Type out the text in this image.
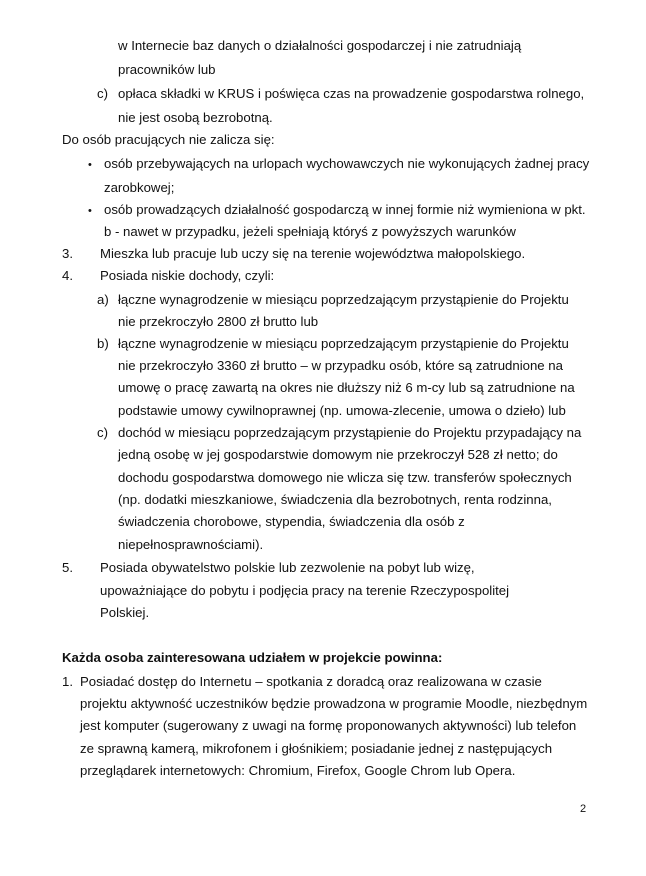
w Internecie baz danych o działalności gospodarczej i nie zatrudniają
pracowników lub
c) opłaca składki w KRUS i poświęca czas na prowadzenie gospodarstwa rolnego,
nie jest osobą bezrobotną.
Do osób pracujących nie zalicza się:
• osób przebywających na urlopach wychowawczych nie wykonujących żadnej pracy
zarobkowej;
• osób prowadzących działalność gospodarczą w innej formie niż wymieniona w pkt.
b - nawet w przypadku, jeżeli spełniają któryś z powyższych warunków
3. Mieszka lub pracuje lub uczy się na terenie województwa małopolskiego.
4. Posiada niskie dochody, czyli:
a) łączne wynagrodzenie w miesiącu poprzedzającym przystąpienie do Projektu
nie przekroczyło 2800 zł brutto lub
b) łączne wynagrodzenie w miesiącu poprzedzającym przystąpienie do Projektu
nie przekroczyło 3360 zł brutto – w przypadku osób, które są zatrudnione na
umowę o pracę zawartą na okres nie dłuższy niż 6 m-cy lub są zatrudnione na
podstawie umowy cywilnoprawnej (np. umowa-zlecenie, umowa o dzieło) lub
c) dochód w miesiącu poprzedzającym przystąpienie do Projektu przypadający na
jedną osobę w jej gospodarstwie domowym nie przekroczył 528 zł netto; do
dochodu gospodarstwa domowego nie wlicza się tzw. transferów społecznych
(np. dodatki mieszkaniowe, świadczenia dla bezrobotnych, renta rodzinna,
świadczenia chorobowe, stypendia, świadczenia dla osób z
niepełnosprawnościami).
5. Posiada obywatelstwo polskie lub zezwolenie na pobyt lub wizę,
upoważniające do pobytu i podjęcia pracy na terenie Rzeczypospolitej
Polskiej.
Każda osoba zainteresowana udziałem w projekcie powinna:
1. Posiadać dostęp do Internetu – spotkania z doradcą oraz realizowana w czasie
projektu aktywność uczestników będzie prowadzona w programie Moodle, niezbędnym
jest komputer (sugerowany z uwagi na formę proponowanych aktywności) lub telefon
ze sprawną kamerą, mikrofonem i głośnikiem; posiadanie jednej z następujących
przeglądarek internetowych: Chromium, Firefox, Google Chrom lub Opera.
2
